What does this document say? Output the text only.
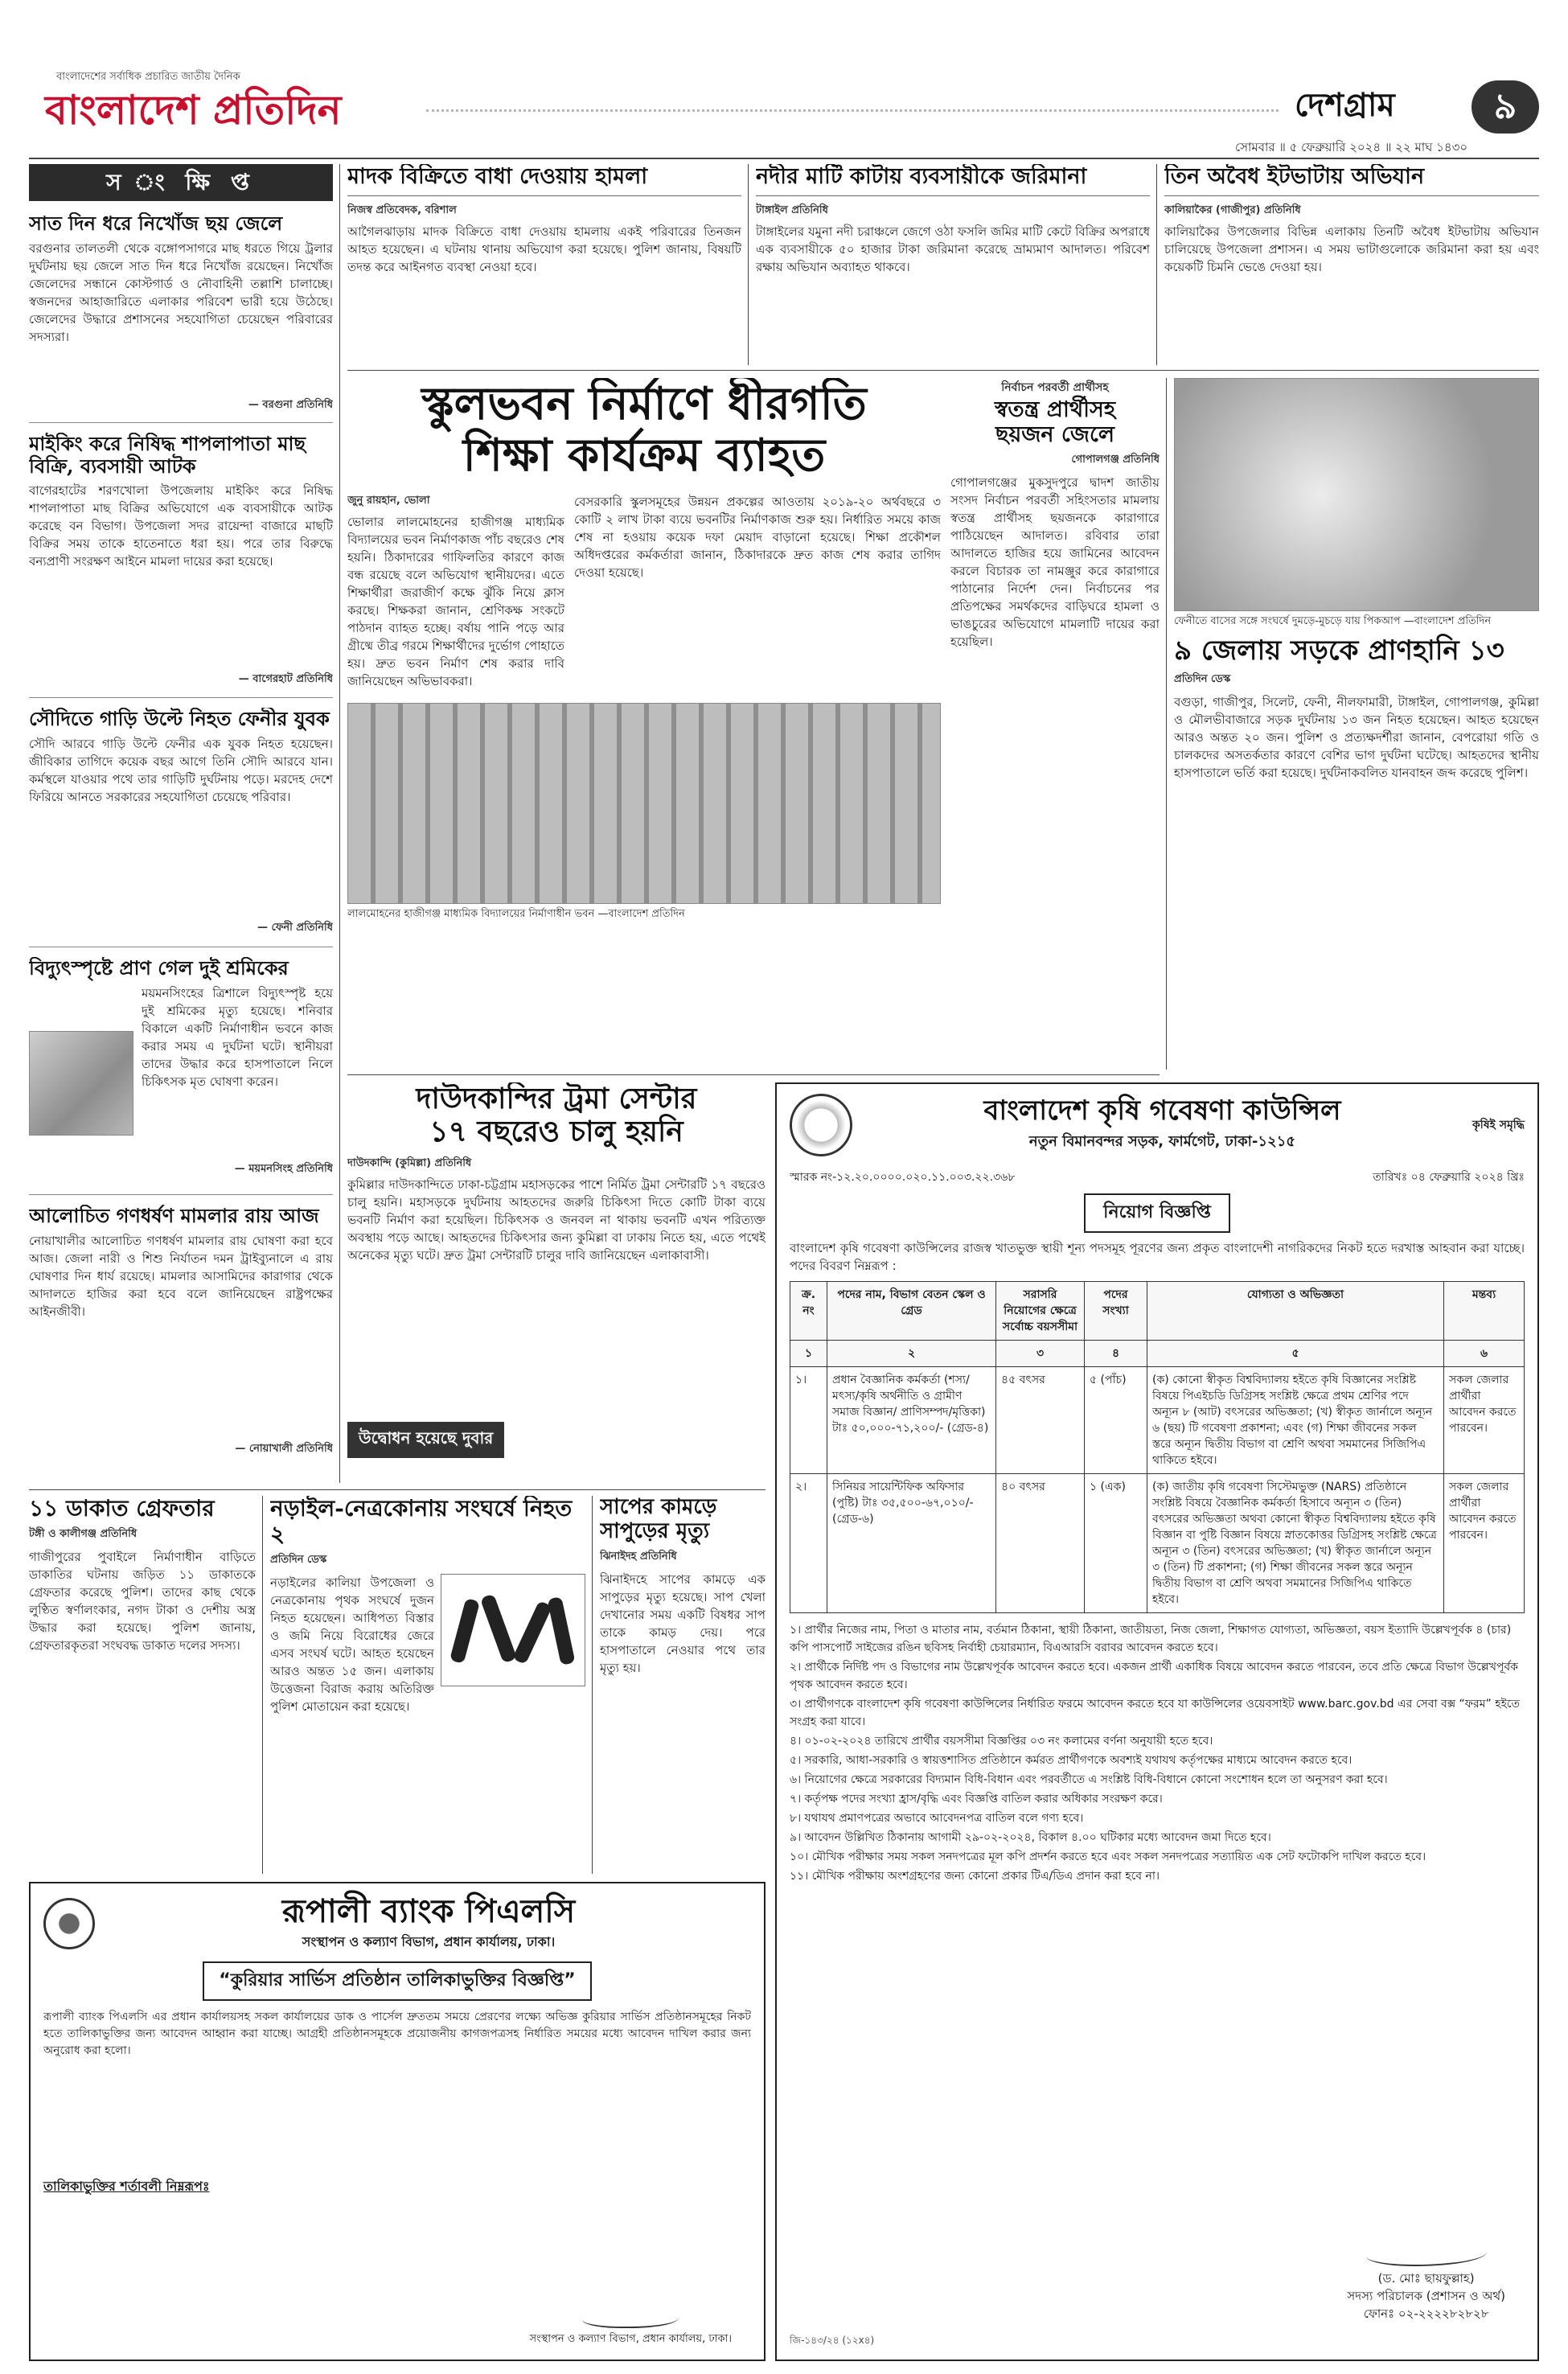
বাংলাদেশের সর্বাধিক প্রচারিত জাতীয় দৈনিক
বাংলাদেশ প্রতিদিন	দেশগ্রাম	৯
সোমবার ॥ ৫ ফেব্রুয়ারি ২০২৪ ॥ ২২ মাঘ ১৪৩০
স ং ক্ষি প্ত
সাত দিন ধরে নিখোঁজ ছয় জেলে
বরগুনার তালতলী থেকে বঙ্গোপসাগরে মাছ ধরতে গিয়ে ট্রলার দুর্ঘটনায় ছয় জেলে সাত দিন ধরে নিখোঁজ রয়েছেন। নিখোঁজ জেলেদের সন্ধানে কোস্টগার্ড ও নৌবাহিনী তল্লাশি চালাচ্ছে। স্বজনদের আহাজারিতে এলাকার পরিবেশ ভারী হয়ে উঠেছে। জেলেদের উদ্ধারে প্রশাসনের সহযোগিতা চেয়েছেন পরিবারের সদস্যরা।
— বরগুনা প্রতিনিধি
মাইকিং করে নিষিদ্ধ শাপলাপাতা মাছ বিক্রি, ব্যবসায়ী আটক
বাগেরহাটের শরণখোলা উপজেলায় মাইকিং করে নিষিদ্ধ শাপলাপাতা মাছ বিক্রির অভিযোগে এক ব্যবসায়ীকে আটক করেছে বন বিভাগ। উপজেলা সদর রায়েন্দা বাজারে মাছটি বিক্রির সময় তাকে হাতেনাতে ধরা হয়। পরে তার বিরুদ্ধে বন্যপ্রাণী সংরক্ষণ আইনে মামলা দায়ের করা হয়েছে।
— বাগেরহাট প্রতিনিধি
সৌদিতে গাড়ি উল্টে নিহত ফেনীর যুবক
সৌদি আরবে গাড়ি উল্টে ফেনীর এক যুবক নিহত হয়েছেন। জীবিকার তাগিদে কয়েক বছর আগে তিনি সৌদি আরবে যান। কর্মস্থলে যাওয়ার পথে তার গাড়িটি দুর্ঘটনায় পড়ে। মরদেহ দেশে ফিরিয়ে আনতে সরকারের সহযোগিতা চেয়েছে পরিবার।
— ফেনী প্রতিনিধি
বিদ্যুৎস্পৃষ্টে প্রাণ গেল দুই শ্রমিকের
ময়মনসিংহের ত্রিশালে বিদ্যুৎস্পৃষ্ট হয়ে দুই শ্রমিকের মৃত্যু হয়েছে। শনিবার বিকালে একটি নির্মাণাধীন ভবনে কাজ করার সময় এ দুর্ঘটনা ঘটে। স্থানীয়রা তাদের উদ্ধার করে হাসপাতালে নিলে চিকিৎসক মৃত ঘোষণা করেন।
— ময়মনসিংহ প্রতিনিধি
আলোচিত গণধর্ষণ মামলার রায় আজ
নোয়াখালীর আলোচিত গণধর্ষণ মামলার রায় ঘোষণা করা হবে আজ। জেলা নারী ও শিশু নির্যাতন দমন ট্রাইব্যুনালে এ রায় ঘোষণার দিন ধার্য রয়েছে। মামলার আসামিদের কারাগার থেকে আদালতে হাজির করা হবে বলে জানিয়েছেন রাষ্ট্রপক্ষের আইনজীবী।
— নোয়াখালী প্রতিনিধি
মাদক বিক্রিতে বাধা দেওয়ায় হামলা
নিজস্ব প্রতিবেদক, বরিশাল
আগৈলঝাড়ায় মাদক বিক্রিতে বাধা দেওয়ায় হামলায় একই পরিবারের তিনজন আহত হয়েছেন। এ ঘটনায় থানায় অভিযোগ করা হয়েছে। পুলিশ জানায়, বিষয়টি তদন্ত করে আইনগত ব্যবস্থা নেওয়া হবে।
নদীর মাটি কাটায় ব্যবসায়ীকে জরিমানা
টাঙ্গাইল প্রতিনিধি
টাঙ্গাইলের যমুনা নদী চরাঞ্চলে জেগে ওঠা ফসলি জমির মাটি কেটে বিক্রির অপরাধে এক ব্যবসায়ীকে ৫০ হাজার টাকা জরিমানা করেছে ভ্রাম্যমাণ আদালত। পরিবেশ রক্ষায় অভিযান অব্যাহত থাকবে।
তিন অবৈধ ইটভাটায় অভিযান
কালিয়াকৈর (গাজীপুর) প্রতিনিধি
কালিয়াকৈর উপজেলার বিভিন্ন এলাকায় তিনটি অবৈধ ইটভাটায় অভিযান চালিয়েছে উপজেলা প্রশাসন। এ সময় ভাটাগুলোকে জরিমানা করা হয় এবং কয়েকটি চিমনি ভেঙে দেওয়া হয়।
স্কুলভবন নির্মাণে ধীরগতি
শিক্ষা কার্যক্রম ব্যাহত
জুনু রায়হান, ভোলা
ভোলার লালমোহনের হাজীগঞ্জ মাধ্যমিক বিদ্যালয়ের ভবন নির্মাণকাজ পাঁচ বছরেও শেষ হয়নি। ঠিকাদারের গাফিলতির কারণে কাজ বন্ধ রয়েছে বলে অভিযোগ স্থানীয়দের। এতে শিক্ষার্থীরা জরাজীর্ণ কক্ষে ঝুঁকি নিয়ে ক্লাস করছে। শিক্ষকরা জানান, শ্রেণিকক্ষ সংকটে পাঠদান ব্যাহত হচ্ছে। বর্ষায় পানি পড়ে আর গ্রীষ্মে তীব্র গরমে শিক্ষার্থীদের দুর্ভোগ পোহাতে হয়। দ্রুত ভবন নির্মাণ শেষ করার দাবি জানিয়েছেন অভিভাবকরা।
বেসরকারি স্কুলসমূহের উন্নয়ন প্রকল্পের আওতায় ২০১৯-২০ অর্থবছরে ৩ কোটি ২ লাখ টাকা ব্যয়ে ভবনটির নির্মাণকাজ শুরু হয়। নির্ধারিত সময়ে কাজ শেষ না হওয়ায় কয়েক দফা মেয়াদ বাড়ানো হয়েছে। শিক্ষা প্রকৌশল অধিদপ্তরের কর্মকর্তারা জানান, ঠিকাদারকে দ্রুত কাজ শেষ করার তাগিদ দেওয়া হয়েছে।
লালমোহনের হাজীগঞ্জ মাধ্যমিক বিদ্যালয়ের নির্মাণাধীন ভবন —বাংলাদেশ প্রতিদিন
নির্বাচন পরবর্তী প্রার্থীসহ
স্বতন্ত্র প্রার্থীসহ
ছয়জন জেলে
গোপালগঞ্জ প্রতিনিধি
গোপালগঞ্জের মুকসুদপুরে দ্বাদশ জাতীয় সংসদ নির্বাচন পরবর্তী সহিংসতার মামলায় স্বতন্ত্র প্রার্থীসহ ছয়জনকে কারাগারে পাঠিয়েছেন আদালত। রবিবার তারা আদালতে হাজির হয়ে জামিনের আবেদন করলে বিচারক তা নামঞ্জুর করে কারাগারে পাঠানোর নির্দেশ দেন। নির্বাচনের পর প্রতিপক্ষের সমর্থকদের বাড়িঘরে হামলা ও ভাঙচুরের অভিযোগে মামলাটি দায়ের করা হয়েছিল।
ফেনীতে বাসের সঙ্গে সংঘর্ষে দুমড়ে-মুচড়ে যায় পিকআপ —বাংলাদেশ প্রতিদিন
৯ জেলায় সড়কে প্রাণহানি ১৩
প্রতিদিন ডেস্ক
বগুড়া, গাজীপুর, সিলেট, ফেনী, নীলফামারী, টাঙ্গাইল, গোপালগঞ্জ, কুমিল্লা ও মৌলভীবাজারে সড়ক দুর্ঘটনায় ১৩ জন নিহত হয়েছেন। আহত হয়েছেন আরও অন্তত ২০ জন। পুলিশ ও প্রত্যক্ষদর্শীরা জানান, বেপরোয়া গতি ও চালকদের অসতর্কতার কারণে বেশির ভাগ দুর্ঘটনা ঘটেছে। আহতদের স্থানীয় হাসপাতালে ভর্তি করা হয়েছে। দুর্ঘটনাকবলিত যানবাহন জব্দ করেছে পুলিশ।
দাউদকান্দির ট্রমা সেন্টার
১৭ বছরেও চালু হয়নি
দাউদকান্দি (কুমিল্লা) প্রতিনিধি
কুমিল্লার দাউদকান্দিতে ঢাকা-চট্টগ্রাম মহাসড়কের পাশে নির্মিত ট্রমা সেন্টারটি ১৭ বছরেও চালু হয়নি। মহাসড়কে দুর্ঘটনায় আহতদের জরুরি চিকিৎসা দিতে কোটি টাকা ব্যয়ে ভবনটি নির্মাণ করা হয়েছিল। চিকিৎসক ও জনবল না থাকায় ভবনটি এখন পরিত্যক্ত অবস্থায় পড়ে আছে। আহতদের চিকিৎসার জন্য কুমিল্লা বা ঢাকায় নিতে হয়, এতে পথেই অনেকের মৃত্যু ঘটে। দ্রুত ট্রমা সেন্টারটি চালুর দাবি জানিয়েছেন এলাকাবাসী।
উদ্বোধন হয়েছে দুবার
বাংলাদেশ কৃষি গবেষণা কাউন্সিল
নতুন বিমানবন্দর সড়ক, ফার্মগেট, ঢাকা-১২১৫
কৃষিই সমৃদ্ধি
স্মারক নং-১২.২০.০০০০.০২০.১১.০০৩.২২.৩৬৮	তারিখঃ ০৪ ফেব্রুয়ারি ২০২৪ খ্রিঃ
নিয়োগ বিজ্ঞপ্তি
বাংলাদেশ কৃষি গবেষণা কাউন্সিলের রাজস্ব খাতভুক্ত স্থায়ী শূন্য পদসমূহ পূরণের জন্য প্রকৃত বাংলাদেশী নাগরিকদের নিকট হতে দরখাস্ত আহবান করা যাচ্ছে। পদের বিবরণ নিম্নরূপ :
ক্র. নং	পদের নাম, বিভাগ বেতন স্কেল ও গ্রেড	সরাসরি নিয়োগের ক্ষেত্রে সর্বোচ্চ বয়সসীমা	পদের সংখ্যা	যোগ্যতা ও অভিজ্ঞতা	মন্তব্য
১	২	৩	৪	৫	৬
১।	প্রধান বৈজ্ঞানিক কর্মকর্তা (শস্য/মৎস্য/কৃষি অর্থনীতি ও গ্রামীণ সমাজ বিজ্ঞান/ প্রাণিসম্পদ/মৃত্তিকা) টাঃ ৫০,০০০-৭১,২০০/- (গ্রেড-৪)	৪৫ বৎসর	৫ (পাঁচ)	(ক) কোনো স্বীকৃত বিশ্ববিদ্যালয় হইতে কৃষি বিজ্ঞানের সংশ্লিষ্ট বিষয়ে পিএইচডি ডিগ্রিসহ সংশ্লিষ্ট ক্ষেত্রে প্রথম শ্রেণির পদে অন্যূন ৮ (আট) বৎসরের অভিজ্ঞতা; (খ) স্বীকৃত জার্নালে অন্যূন ৬ (ছয়) টি গবেষণা প্রকাশনা; এবং (গ) শিক্ষা জীবনের সকল স্তরে অন্যূন দ্বিতীয় বিভাগ বা শ্রেণি অথবা সমমানের সিজিপিএ থাকিতে হইবে।	সকল জেলার প্রার্থীরা আবেদন করতে পারবেন।
২।	সিনিয়র সায়েন্টিফিক অফিসার (পুষ্টি) টাঃ ৩৫,৫০০-৬৭,০১০/- (গ্রেড-৬)	৪০ বৎসর	১ (এক)	(ক) জাতীয় কৃষি গবেষণা সিস্টেমভুক্ত (NARS) প্রতিষ্ঠানে সংশ্লিষ্ট বিষয়ে বৈজ্ঞানিক কর্মকর্তা হিসাবে অন্যূন ৩ (তিন) বৎসরের অভিজ্ঞতা অথবা কোনো স্বীকৃত বিশ্ববিদ্যালয় হইতে কৃষি বিজ্ঞান বা পুষ্টি বিজ্ঞান বিষয়ে স্নাতকোত্তর ডিগ্রিসহ সংশ্লিষ্ট ক্ষেত্রে অন্যূন ৩ (তিন) বৎসরের অভিজ্ঞতা; (খ) স্বীকৃত জার্নালে অন্যূন ৩ (তিন) টি প্রকাশনা; (গ) শিক্ষা জীবনের সকল স্তরে অন্যূন দ্বিতীয় বিভাগ বা শ্রেণি অথবা সমমানের সিজিপিএ থাকিতে হইবে।	সকল জেলার প্রার্থীরা আবেদন করতে পারবেন।
১। প্রার্থীর নিজের নাম, পিতা ও মাতার নাম, বর্তমান ঠিকানা, স্থায়ী ঠিকানা, জাতীয়তা, নিজ জেলা, শিক্ষাগত যোগ্যতা, অভিজ্ঞতা, বয়স ইত্যাদি উল্লেখপূর্বক ৪ (চার) কপি পাসপোর্ট সাইজের রঙিন ছবিসহ নির্বাহী চেয়ারম্যান, বিএআরসি বরাবর আবেদন করতে হবে।
২। প্রার্থীকে নির্দিষ্ট পদ ও বিভাগের নাম উল্লেখপূর্বক আবেদন করতে হবে। একজন প্রার্থী একাধিক বিষয়ে আবেদন করতে পারবেন, তবে প্রতি ক্ষেত্রে বিভাগ উল্লেখপূর্বক পৃথক আবেদন করতে হবে।
৩। প্রার্থীগণকে বাংলাদেশ কৃষি গবেষণা কাউন্সিলের নির্ধারিত ফরমে আবেদন করতে হবে যা কাউন্সিলের ওয়েবসাইট www.barc.gov.bd এর সেবা বক্স “ফরম” হইতে সংগ্রহ করা যাবে।
৪। ০১-০২-২০২৪ তারিখে প্রার্থীর বয়সসীমা বিজ্ঞপ্তির ০৩ নং কলামের বর্ণনা অনুযায়ী হতে হবে।
৫। সরকারি, আধা-সরকারি ও স্বায়ত্তশাসিত প্রতিষ্ঠানে কর্মরত প্রার্থীগণকে অবশ্যই যথাযথ কর্তৃপক্ষের মাধ্যমে আবেদন করতে হবে।
৬। নিয়োগের ক্ষেত্রে সরকারের বিদ্যমান বিধি-বিধান এবং পরবর্তীতে এ সংশ্লিষ্ট বিধি-বিধানে কোনো সংশোধন হলে তা অনুসরণ করা হবে।
৭। কর্তৃপক্ষ পদের সংখ্যা হ্রাস/বৃদ্ধি এবং বিজ্ঞপ্তি বাতিল করার অধিকার সংরক্ষণ করে।
৮। যথাযথ প্রমাণপত্রের অভাবে আবেদনপত্র বাতিল বলে গণ্য হবে।
৯। আবেদন উল্লিখিত ঠিকানায় আগামী ২৯-০২-২০২৪, বিকাল ৪.০০ ঘটিকার মধ্যে আবেদন জমা দিতে হবে।
১০। মৌখিক পরীক্ষার সময় সকল সনদপত্রের মূল কপি প্রদর্শন করতে হবে এবং সকল সনদপত্রের সত্যায়িত এক সেট ফটোকপি দাখিল করতে হবে।
১১। মৌখিক পরীক্ষায় অংশগ্রহণের জন্য কোনো প্রকার টিএ/ডিএ প্রদান করা হবে না।
(ড. মোঃ ছায়ফুল্লাহ)
সদস্য পরিচালক (প্রশাসন ও অর্থ)
ফোনঃ ০২-২২২২৮২৮২৮
জি-১৪৩/২৪ (১২x৪)
১১ ডাকাত গ্রেফতার
টঙ্গী ও কালীগঞ্জ প্রতিনিধি
গাজীপুরের পুবাইলে নির্মাণাধীন বাড়িতে ডাকাতির ঘটনায় জড়িত ১১ ডাকাতকে গ্রেফতার করেছে পুলিশ। তাদের কাছ থেকে লুণ্ঠিত স্বর্ণালংকার, নগদ টাকা ও দেশীয় অস্ত্র উদ্ধার করা হয়েছে। পুলিশ জানায়, গ্রেফতারকৃতরা সংঘবদ্ধ ডাকাত দলের সদস্য।
নড়াইল-নেত্রকোনায় সংঘর্ষে নিহত ২
প্রতিদিন ডেস্ক
নড়াইলের কালিয়া উপজেলা ও নেত্রকোনায় পৃথক সংঘর্ষে দুজন নিহত হয়েছেন। আধিপত্য বিস্তার ও জমি নিয়ে বিরোধের জেরে এসব সংঘর্ষ ঘটে। আহত হয়েছেন আরও অন্তত ১৫ জন। এলাকায় উত্তেজনা বিরাজ করায় অতিরিক্ত পুলিশ মোতায়েন করা হয়েছে।
সাপের কামড়ে সাপুড়ের মৃত্যু
ঝিনাইদহ প্রতিনিধি
ঝিনাইদহে সাপের কামড়ে এক সাপুড়ের মৃত্যু হয়েছে। সাপ খেলা দেখানোর সময় একটি বিষধর সাপ তাকে কামড় দেয়। পরে হাসপাতালে নেওয়ার পথে তার মৃত্যু হয়।
রূপালী ব্যাংক পিএলসি
সংস্থাপন ও কল্যাণ বিভাগ, প্রধান কার্যালয়, ঢাকা।
“কুরিয়ার সার্ভিস প্রতিষ্ঠান তালিকাভুক্তির বিজ্ঞপ্তি”
রূপালী ব্যাংক পিএলসি এর প্রধান কার্যালয়সহ সকল কার্যালয়ের ডাক ও পার্সেল দ্রুততম সময়ে প্রেরণের লক্ষ্যে অভিজ্ঞ কুরিয়ার সার্ভিস প্রতিষ্ঠানসমূহের নিকট হতে তালিকাভুক্তির জন্য আবেদন আহ্বান করা যাচ্ছে। আগ্রহী প্রতিষ্ঠানসমূহকে প্রয়োজনীয় কাগজপত্রসহ নির্ধারিত সময়ের মধ্যে আবেদন দাখিল করার জন্য অনুরোধ করা হলো।
তালিকাভুক্তির শর্তাবলী নিম্নরূপঃ
সংস্থাপন ও কল্যাণ বিভাগ, প্রধান কার্যালয়, ঢাকা।
